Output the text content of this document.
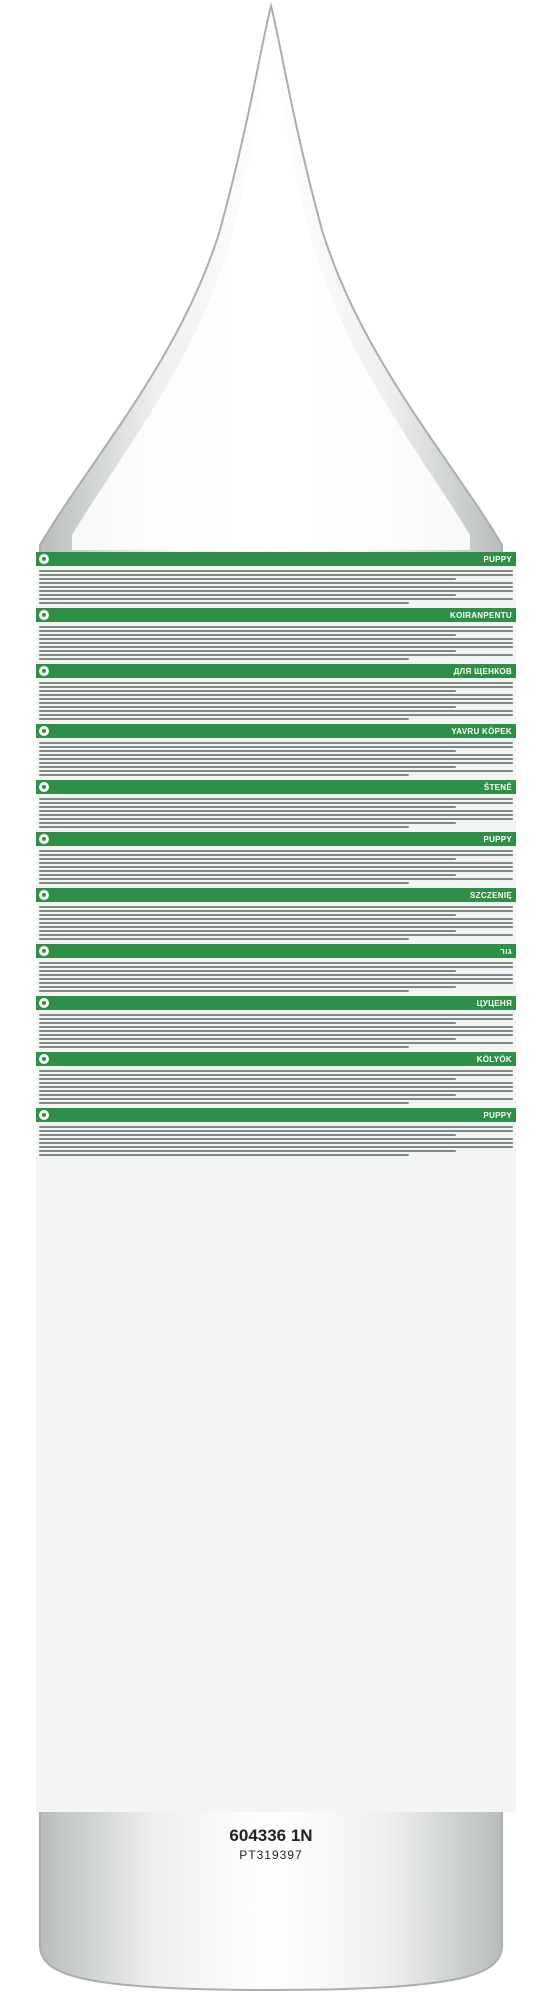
PUPPY
KOIRANPENTU
ДЛЯ ЩЕНКОВ
YAVRU KÖPEK
ŠTENĚ
PUPPY
SZCZENIĘ
גור
ЦУЦЕНЯ
KÖLYÖK
PUPPY
604336 1N
PT319397
